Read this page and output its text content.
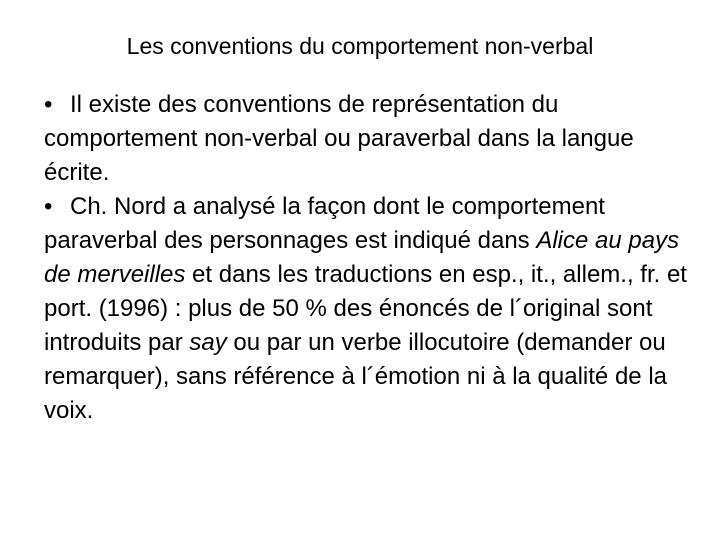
Les conventions du comportement non-verbal

• Il existe des conventions de représentation du comportement non-verbal ou paraverbal dans la langue écrite.

• Ch. Nord a analysé la façon dont le comportement paraverbal des personnages est indiqué dans Alice au pays de merveilles et dans les traductions en esp., it., allem., fr. et port. (1996) : plus de 50 % des énoncés de l´original sont introduits par say ou par un verbe illocutoire (demander ou remarquer), sans référence à l´émotion ni à la qualité de la voix.
